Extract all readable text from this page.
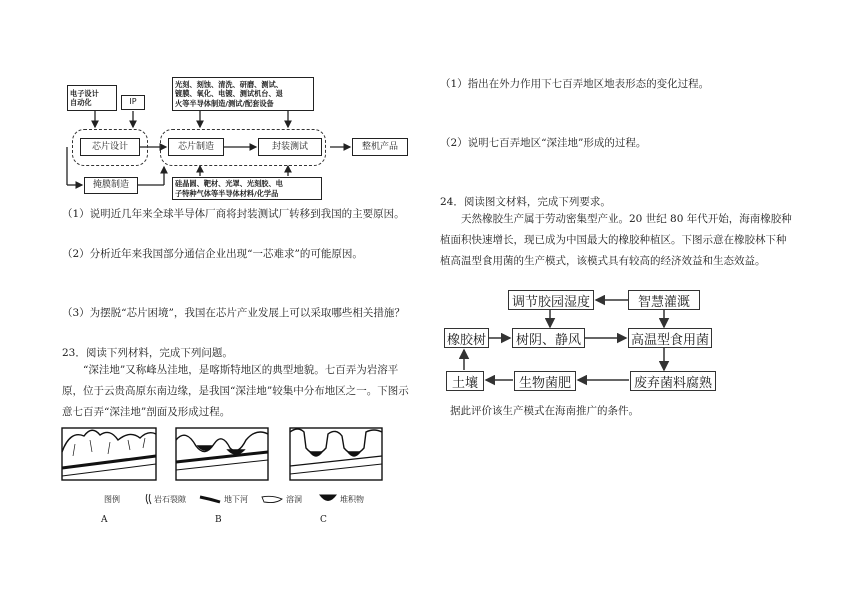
电子设计
自动化	IP
光刻、刻蚀、清洗、研磨、测试、
镀膜、氧化、电镀、测试机台、退
火等半导体制造/测试/配套设备
芯片设计	芯片制造	封装测试	整机产品
掩膜制造	硅晶圆、靶材、光罩、光刻胶、电
子特种气体等半导体材料/化学品
（1）说明近几年来全球半导体厂商将封装测试厂转移到我国的主要原因。
（2）分析近年来我国部分通信企业出现“一芯难求”的可能原因。
（3）为摆脱“芯片困境”，我国在芯片产业发展上可以采取哪些相关措施？
23．阅读下列材料，完成下列问题。
“深洼地”又称峰丛洼地，是喀斯特地区的典型地貌。七百弄为岩溶平原，位于云贵高原东南边缘，是我国“深洼地”较集中分布地区之一。下图示意七百弄“深洼地”剖面及形成过程。
图例	岩石裂隙	地下河	溶洞	堆积物
A	B	C
（1）指出在外力作用下七百弄地区地表形态的变化过程。
（2）说明七百弄地区“深洼地”形成的过程。
24．阅读图文材料，完成下列要求。
天然橡胶生产属于劳动密集型产业。20 世纪 80 年代开始，海南橡胶种植面积快速增长，现已成为中国最大的橡胶种植区。下图示意在橡胶林下种植高温型食用菌的生产模式，该模式具有较高的经济效益和生态效益。
调节胶园湿度	智慧灌溉
橡胶树 树阴、静风	高温型食用菌
土壤	生物菌肥	废弃菌料腐熟
据此评价该生产模式在海南推广的条件。
